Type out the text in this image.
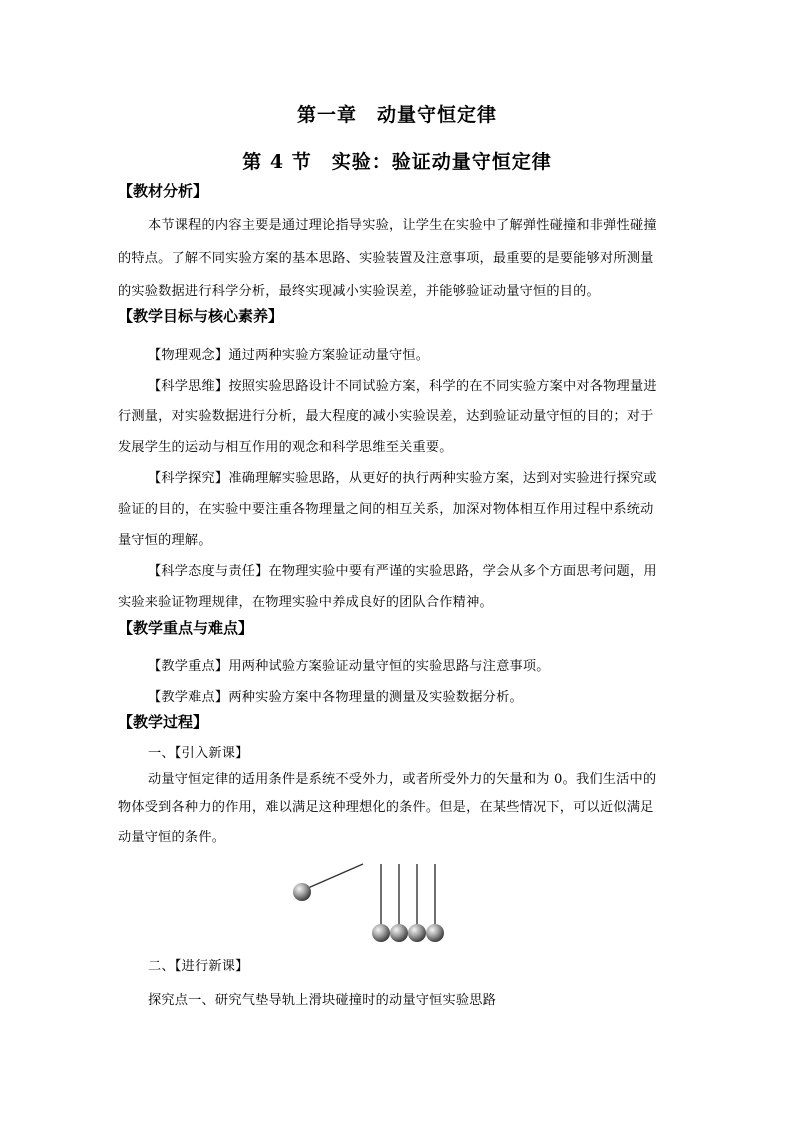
第一章　动量守恒定律
第 4 节　实验：验证动量守恒定律
【教材分析】
本节课程的内容主要是通过理论指导实验，让学生在实验中了解弹性碰撞和非弹性碰撞
的特点。了解不同实验方案的基本思路、实验装置及注意事项，最重要的是要能够对所测量
的实验数据进行科学分析，最终实现减小实验误差，并能够验证动量守恒的目的。
【教学目标与核心素养】
【物理观念】通过两种实验方案验证动量守恒。
【科学思维】按照实验思路设计不同试验方案，科学的在不同实验方案中对各物理量进
行测量，对实验数据进行分析，最大程度的减小实验误差，达到验证动量守恒的目的；对于
发展学生的运动与相互作用的观念和科学思维至关重要。
【科学探究】准确理解实验思路，从更好的执行两种实验方案，达到对实验进行探究或
验证的目的，在实验中要注重各物理量之间的相互关系，加深对物体相互作用过程中系统动
量守恒的理解。
【科学态度与责任】在物理实验中要有严谨的实验思路，学会从多个方面思考问题，用
实验来验证物理规律，在物理实验中养成良好的团队合作精神。
【教学重点与难点】
【教学重点】用两种试验方案验证动量守恒的实验思路与注意事项。
【教学难点】两种实验方案中各物理量的测量及实验数据分析。
【教学过程】
一、【引入新课】
动量守恒定律的适用条件是系统不受外力，或者所受外力的矢量和为 0。我们生活中的
物体受到各种力的作用，难以满足这种理想化的条件。但是，在某些情况下，可以近似满足
动量守恒的条件。
二、【进行新课】
探究点一、研究气垫导轨上滑块碰撞时的动量守恒实验思路
